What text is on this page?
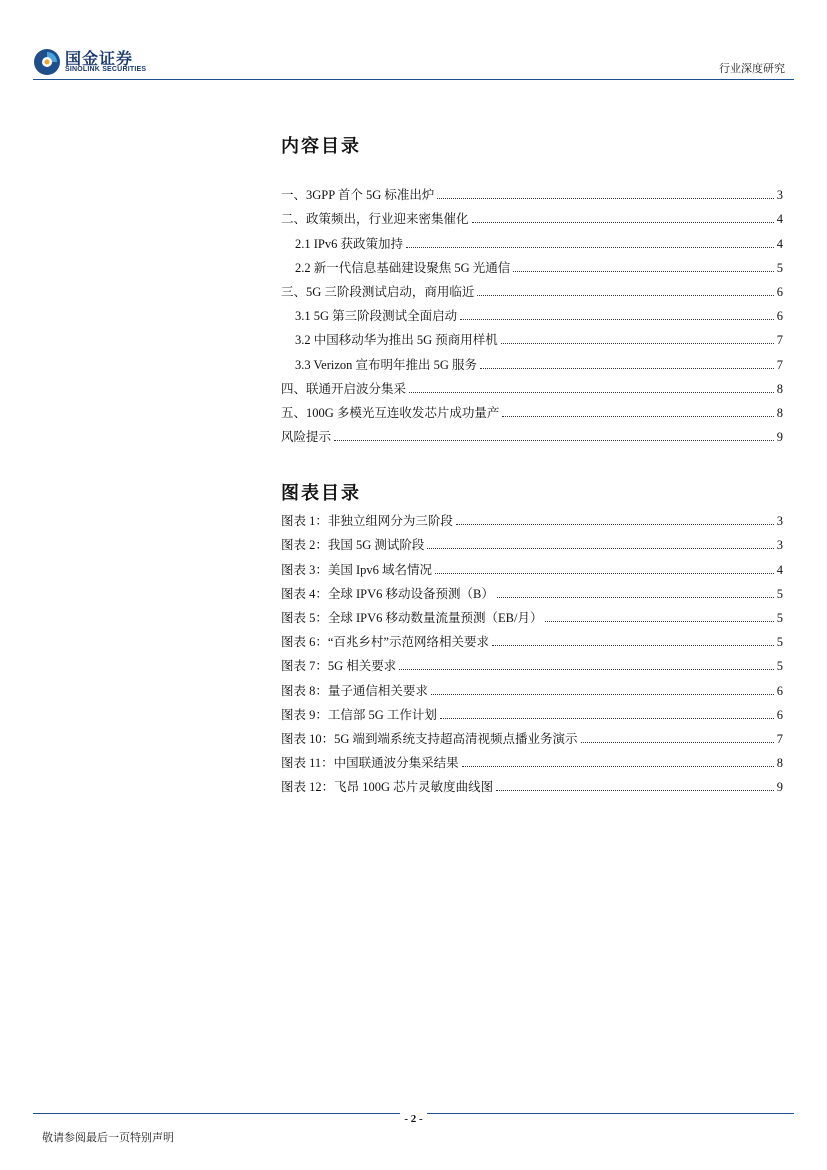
国金证券
SINOLINK SECURITIES	行业深度研究
内容目录
一、3GPP 首个 5G 标准出炉	3
二、政策频出，行业迎来密集催化	4
2.1 IPv6 获政策加持	4
2.2 新一代信息基础建设聚焦 5G 光通信	5
三、5G 三阶段测试启动，商用临近	6
3.1 5G 第三阶段测试全面启动	6
3.2 中国移动华为推出 5G 预商用样机	7
3.3 Verizon 宣布明年推出 5G 服务	7
四、联通开启波分集采	8
五、100G 多模光互连收发芯片成功量产	8
风险提示	9
图表目录
图表 1：非独立组网分为三阶段	3
图表 2：我国 5G 测试阶段	3
图表 3：美国 Ipv6 域名情况	4
图表 4：全球 IPV6 移动设备预测（B）	5
图表 5：全球 IPV6 移动数量流量预测（EB/月）	5
图表 6：“百兆乡村”示范网络相关要求	5
图表 7：5G 相关要求	5
图表 8：量子通信相关要求	6
图表 9：工信部 5G 工作计划	6
图表 10：5G 端到端系统支持超高清视频点播业务演示	7
图表 11：中国联通波分集采结果	8
图表 12：飞昂 100G 芯片灵敏度曲线图	9
- 2 -
敬请参阅最后一页特别声明
